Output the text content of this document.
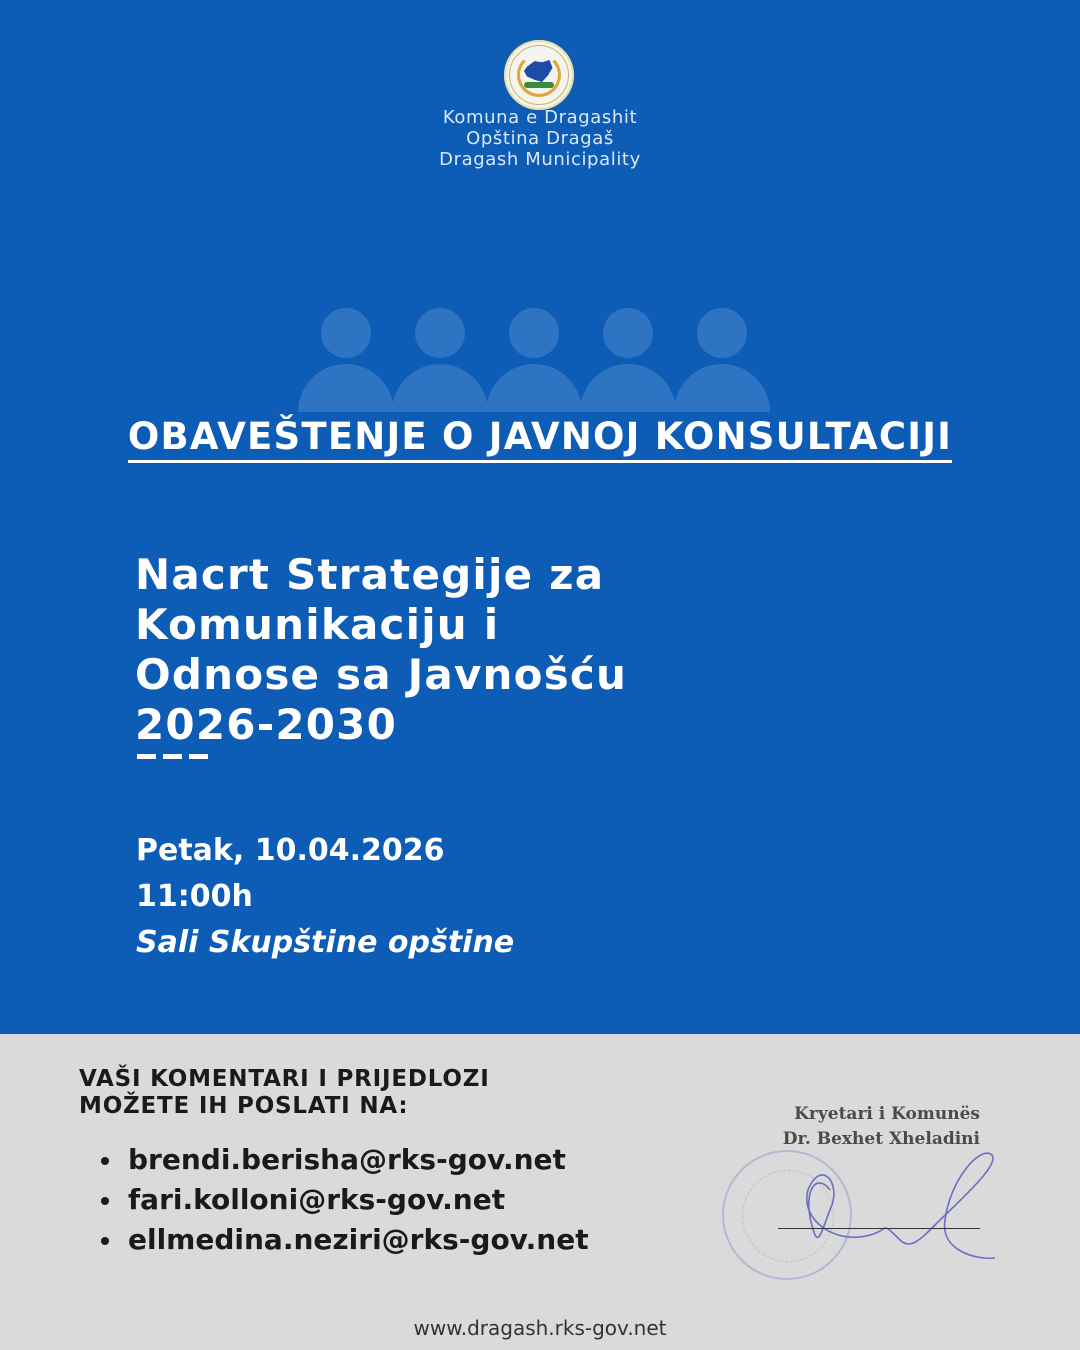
Komuna e Dragashit
Opština Dragaš
Dragash Municipality
OBAVEŠTENJE O JAVNOJ KONSULTACIJI
Nacrt Strategije za
Komunikaciju i
Odnose sa Javnošću
2026-2030
Petak, 10.04.2026
11:00h
Sali Skupštine opštine
VAŠI KOMENTARI I PRIJEDLOZI
MOŽETE IH POSLATI NA:
brendi.berisha@rks-gov.net
fari.kolloni@rks-gov.net
ellmedina.neziri@rks-gov.net
Kryetari i Komunës
Dr. Bexhet Xheladini
www.dragash.rks-gov.net
